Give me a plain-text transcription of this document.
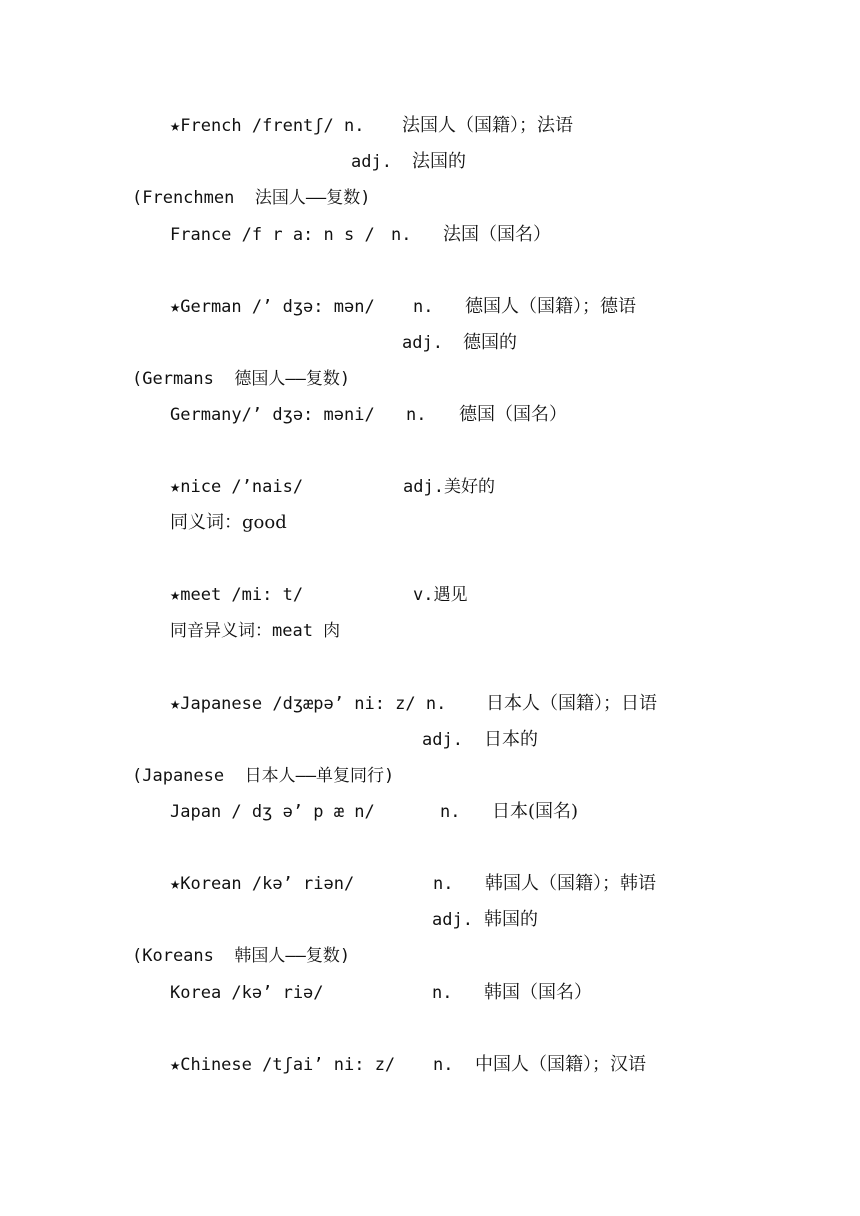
★French /frentʃ/ n. 法国人（国籍）；法语
adj. 法国的
(Frenchmen  法国人——复数)
France /f r a: n s / n. 法国（国名）
★German /’ dʒə: mən/ n. 德国人（国籍）；德语
adj. 德国的
(Germans  德国人——复数)
Germany/’ dʒə: məni/ n. 德国（国名）
★nice /’nais/	adj.美好的
同义词：good
★meet /mi: t/	v.遇见
同音异义词：meat 肉
★Japanese /dʒæpə’ ni: z/ n. 日本人（国籍）；日语
adj. 日本的
(Japanese  日本人——单复同行)
Japan / dʒ ə’ p æ n/	n. 日本(国名)
★Korean /kə’ riən/	n. 韩国人（国籍）；韩语
adj. 韩国的
(Koreans  韩国人——复数)
Korea /kə’ riə/	n. 韩国（国名）
★Chinese /tʃai’ ni: z/ n. 中国人（国籍）；汉语
